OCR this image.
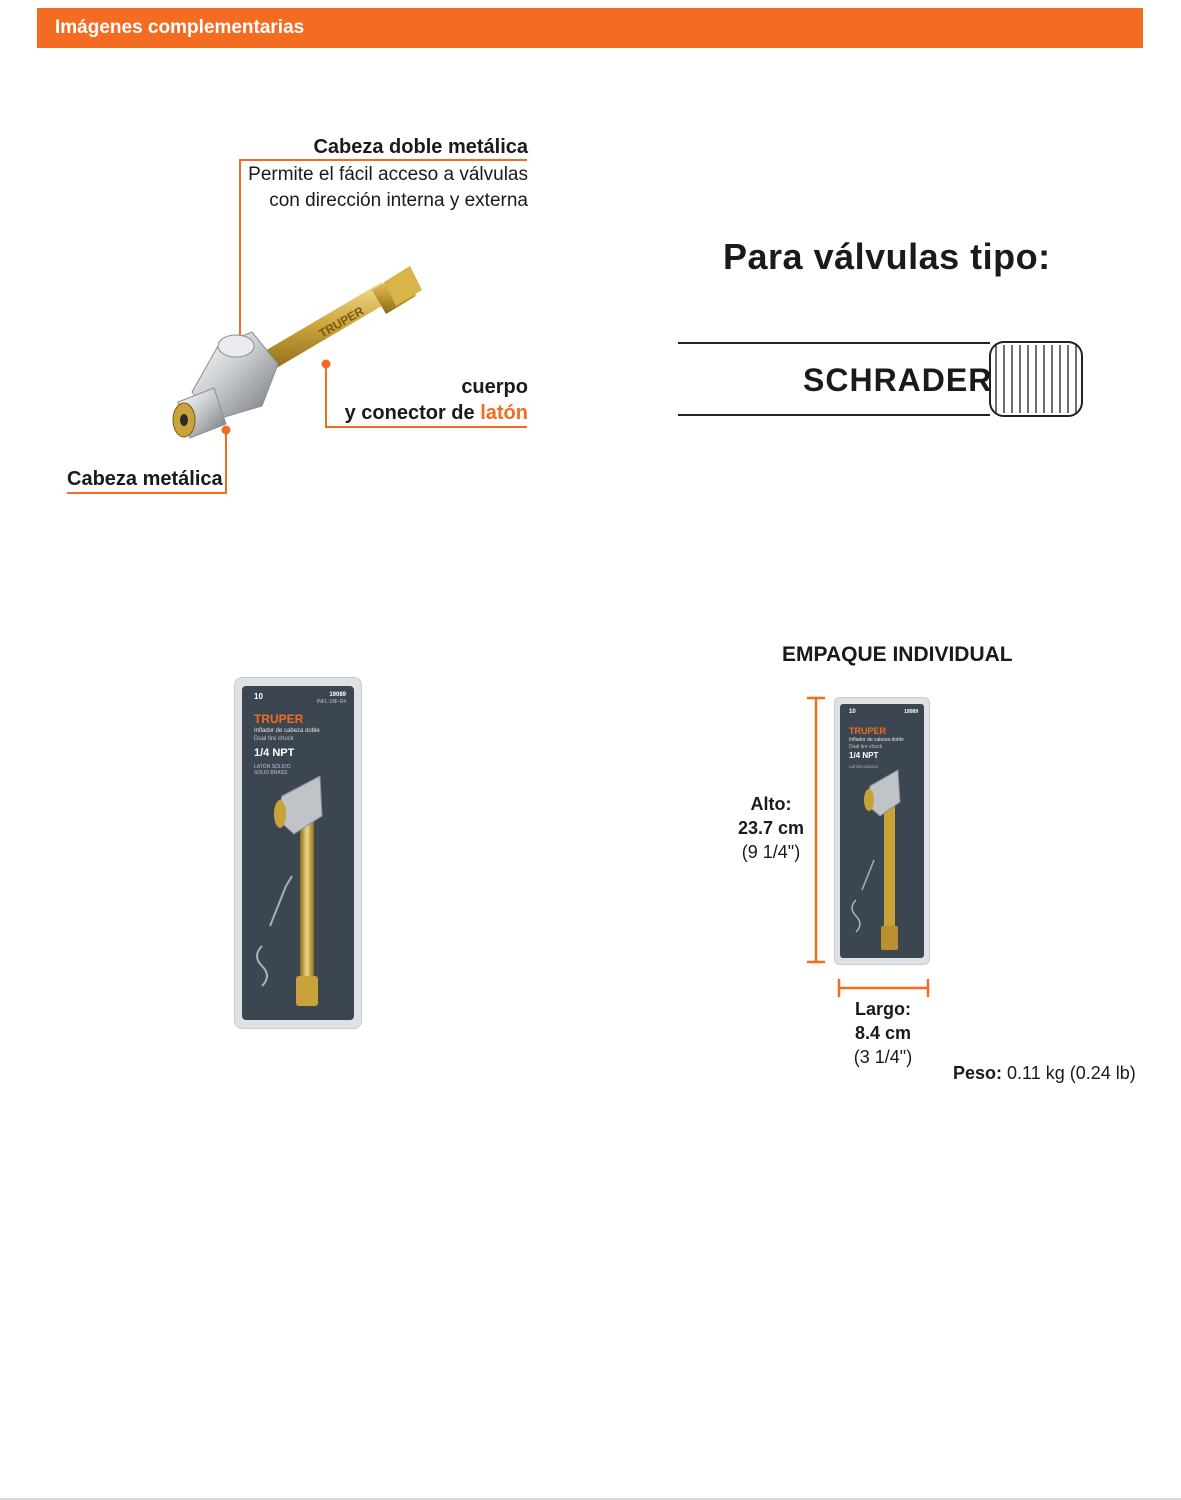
Imágenes complementarias
TRUPER
Cabeza doble metálica
Permite el fácil acceso a válvulas
con dirección interna y externa
cuerpo
y conector de latón
Cabeza metálica
Para válvulas tipo:
SCHRADER
TRUPER
Inflador de cabeza doble
Dual tire chuck
1/4 NPT
LATÓN SÓLIDO
SOLID BRASS
10	19089
INFL-18F-D4
EMPAQUE INDIVIDUAL
TRUPER
Inflador de cabeza doble
Dual tire chuck
1/4 NPT
LATÓN SÓLIDO
10	19089
Alto:
23.7 cm
(9 1/4")
Largo:
8.4 cm
(3 1/4")
Peso: 0.11 kg (0.24 lb)
